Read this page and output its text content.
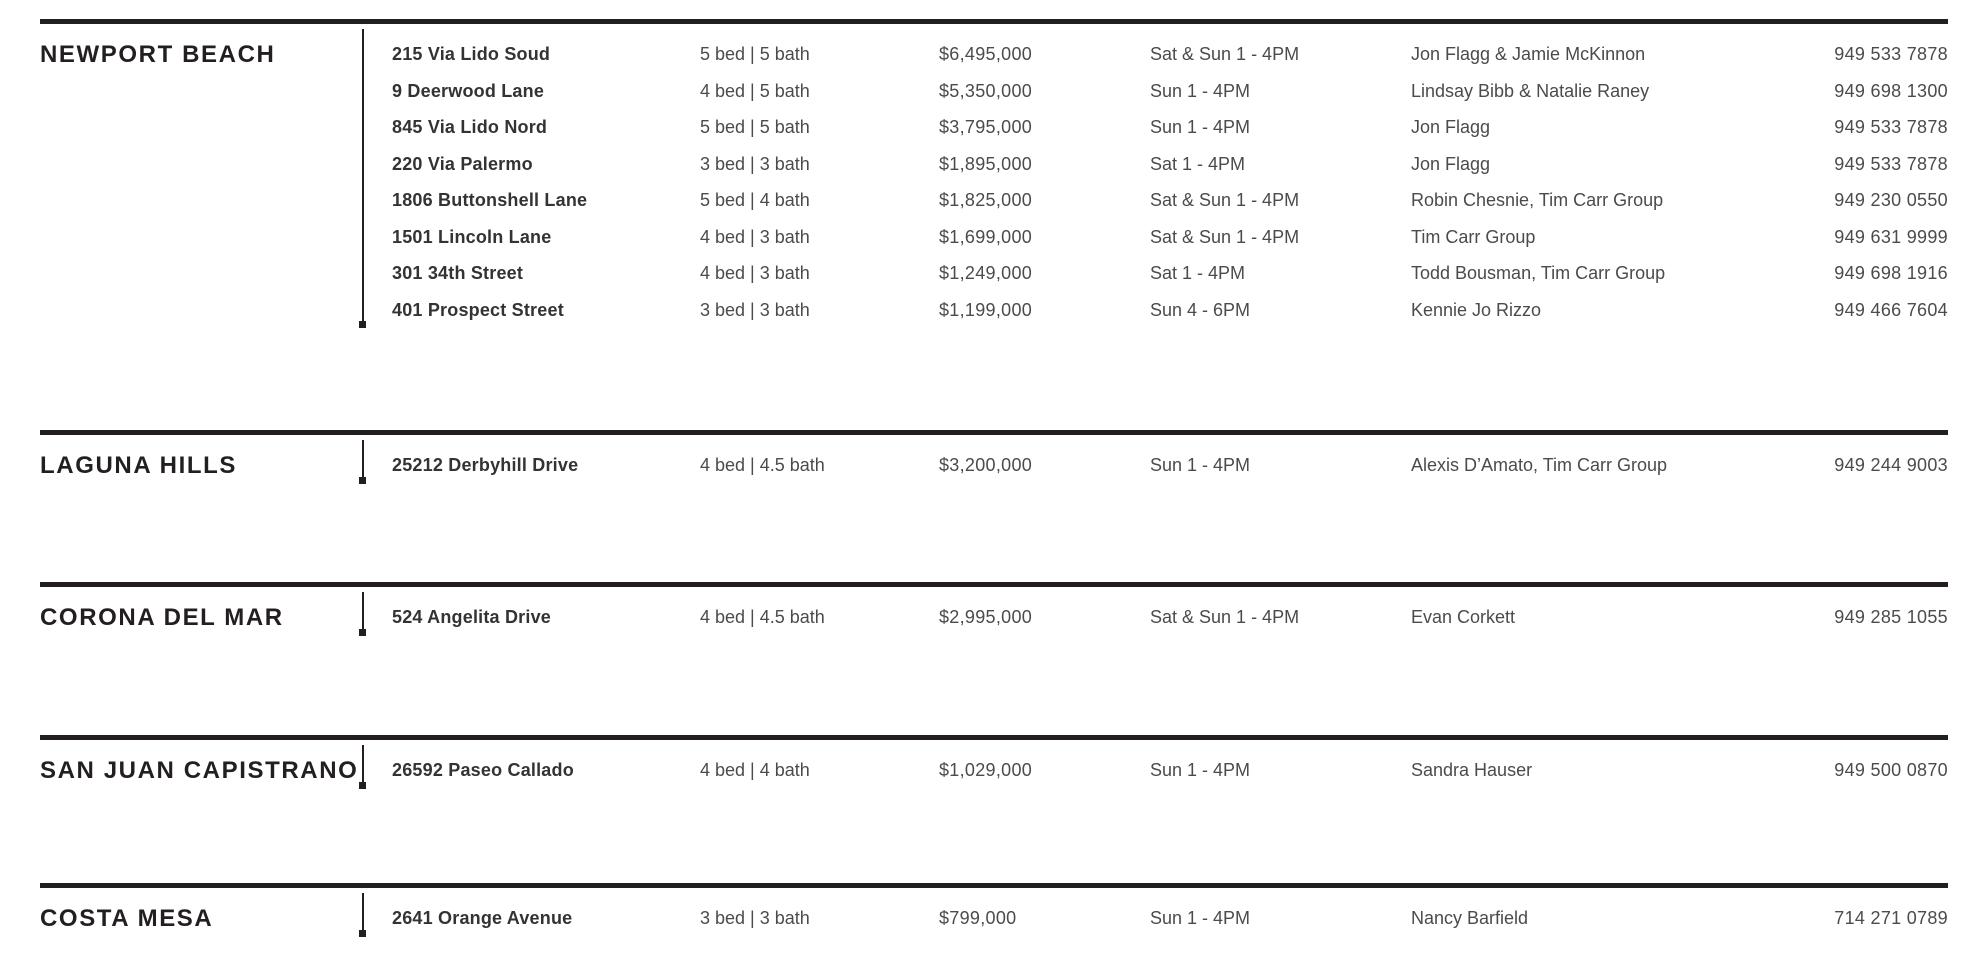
NEWPORT BEACH	215 Via Lido Soud	5 bed | 5 bath	$6,495,000	Sat & Sun 1 - 4PM	Jon Flagg & Jamie McKinnon	949 533 7878
9 Deerwood Lane	4 bed | 5 bath	$5,350,000	Sun 1 - 4PM	Lindsay Bibb & Natalie Raney	949 698 1300
845 Via Lido Nord	5 bed | 5 bath	$3,795,000	Sun 1 - 4PM	Jon Flagg	949 533 7878
220 Via Palermo	3 bed | 3 bath	$1,895,000	Sat 1 - 4PM	Jon Flagg	949 533 7878
1806 Buttonshell Lane	5 bed | 4 bath	$1,825,000	Sat & Sun 1 - 4PM	Robin Chesnie, Tim Carr Group	949 230 0550
1501 Lincoln Lane	4 bed | 3 bath	$1,699,000	Sat & Sun 1 - 4PM	Tim Carr Group	949 631 9999
301 34th Street	4 bed | 3 bath	$1,249,000	Sat 1 - 4PM	Todd Bousman, Tim Carr Group	949 698 1916
401 Prospect Street	3 bed | 3 bath	$1,199,000	Sun 4 - 6PM	Kennie Jo Rizzo	949 466 7604
LAGUNA HILLS	25212 Derbyhill Drive	4 bed | 4.5 bath	$3,200,000	Sun 1 - 4PM	Alexis D’Amato, Tim Carr Group	949 244 9003
CORONA DEL MAR	524 Angelita Drive	4 bed | 4.5 bath	$2,995,000	Sat & Sun 1 - 4PM	Evan Corkett	949 285 1055
SAN JUAN CAPISTRANO 26592 Paseo Callado	4 bed | 4 bath	$1,029,000	Sun 1 - 4PM	Sandra Hauser	949 500 0870
COSTA MESA	2641 Orange Avenue	3 bed | 3 bath	$799,000	Sun 1 - 4PM	Nancy Barfield	714 271 0789
